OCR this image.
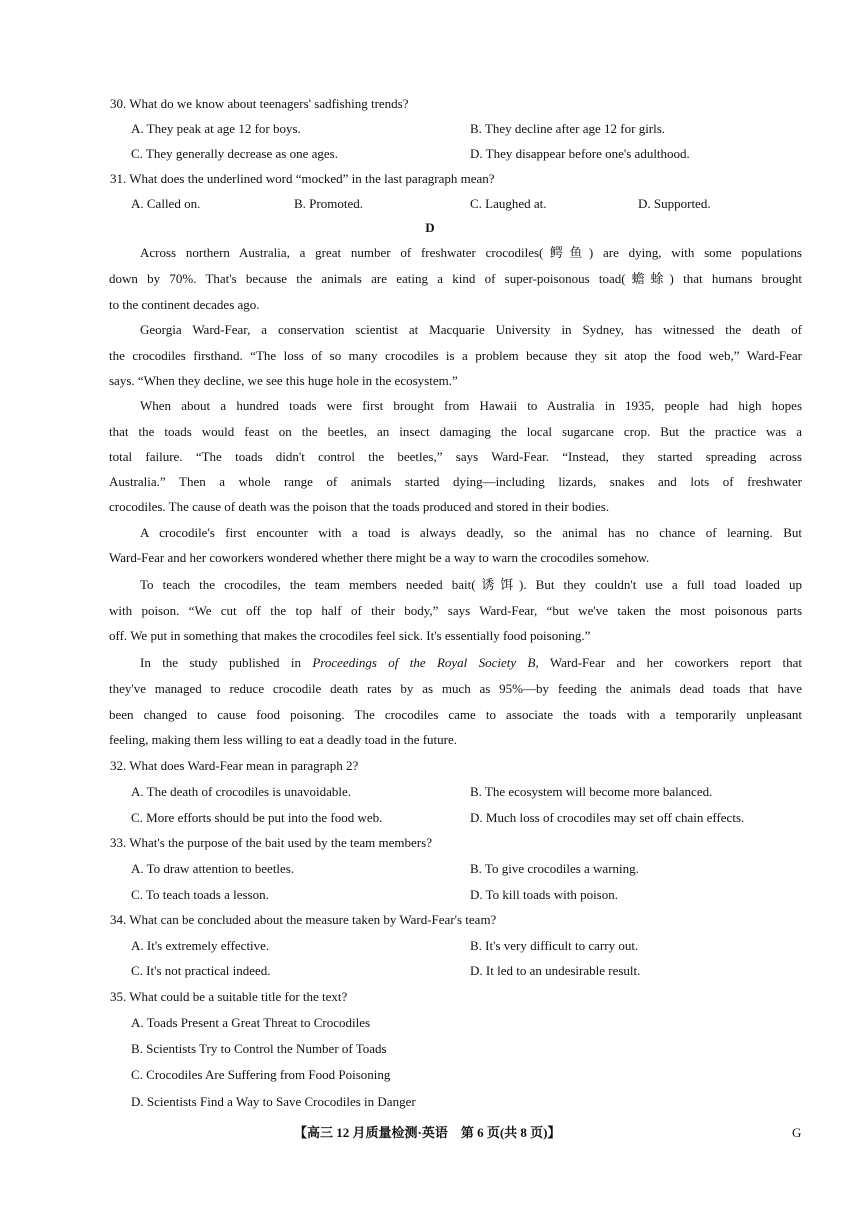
30. What do we know about teenagers' sadfishing trends?
A. They peak at age 12 for boys.	B. They decline after age 12 for girls.
C. They generally decrease as one ages.	D. They disappear before one's adulthood.
31. What does the underlined word “mocked” in the last paragraph mean?
A. Called on.	B. Promoted.	C. Laughed at.	D. Supported.
D
Across northern Australia, a great number of freshwater crocodiles(鳄鱼) are dying, with some populations
down by 70%. That's because the animals are eating a kind of super-poisonous toad(蟾蜍) that humans brought
to the continent decades ago.
Georgia Ward-Fear, a conservation scientist at Macquarie University in Sydney, has witnessed the death of
the crocodiles firsthand. “The loss of so many crocodiles is a problem because they sit atop the food web,” Ward-Fear
says. “When they decline, we see this huge hole in the ecosystem.”
When about a hundred toads were first brought from Hawaii to Australia in 1935, people had high hopes
that the toads would feast on the beetles, an insect damaging the local sugarcane crop. But the practice was a
total failure. “The toads didn't control the beetles,” says Ward-Fear. “Instead, they started spreading across
Australia.” Then a whole range of animals started dying—including lizards, snakes and lots of freshwater
crocodiles. The cause of death was the poison that the toads produced and stored in their bodies.
A crocodile's first encounter with a toad is always deadly, so the animal has no chance of learning. But
Ward-Fear and her coworkers wondered whether there might be a way to warn the crocodiles somehow.
To teach the crocodiles, the team members needed bait(诱饵). But they couldn't use a full toad loaded up
with poison. “We cut off the top half of their body,” says Ward-Fear, “but we've taken the most poisonous parts
off. We put in something that makes the crocodiles feel sick. It's essentially food poisoning.”
In the study published in Proceedings of the Royal Society B, Ward-Fear and her coworkers report that
they've managed to reduce crocodile death rates by as much as 95%—by feeding the animals dead toads that have
been changed to cause food poisoning. The crocodiles came to associate the toads with a temporarily unpleasant
feeling, making them less willing to eat a deadly toad in the future.
32. What does Ward-Fear mean in paragraph 2?
A. The death of crocodiles is unavoidable.	B. The ecosystem will become more balanced.
C. More efforts should be put into the food web.	D. Much loss of crocodiles may set off chain effects.
33. What's the purpose of the bait used by the team members?
A. To draw attention to beetles.	B. To give crocodiles a warning.
C. To teach toads a lesson.	D. To kill toads with poison.
34. What can be concluded about the measure taken by Ward-Fear's team?
A. It's extremely effective.	B. It's very difficult to carry out.
C. It's not practical indeed.	D. It led to an undesirable result.
35. What could be a suitable title for the text?
A. Toads Present a Great Threat to Crocodiles
B. Scientists Try to Control the Number of Toads
C. Crocodiles Are Suffering from Food Poisoning
D. Scientists Find a Way to Save Crocodiles in Danger
【高三 12 月质量检测·英语　第 6 页(共 8 页)】	G
